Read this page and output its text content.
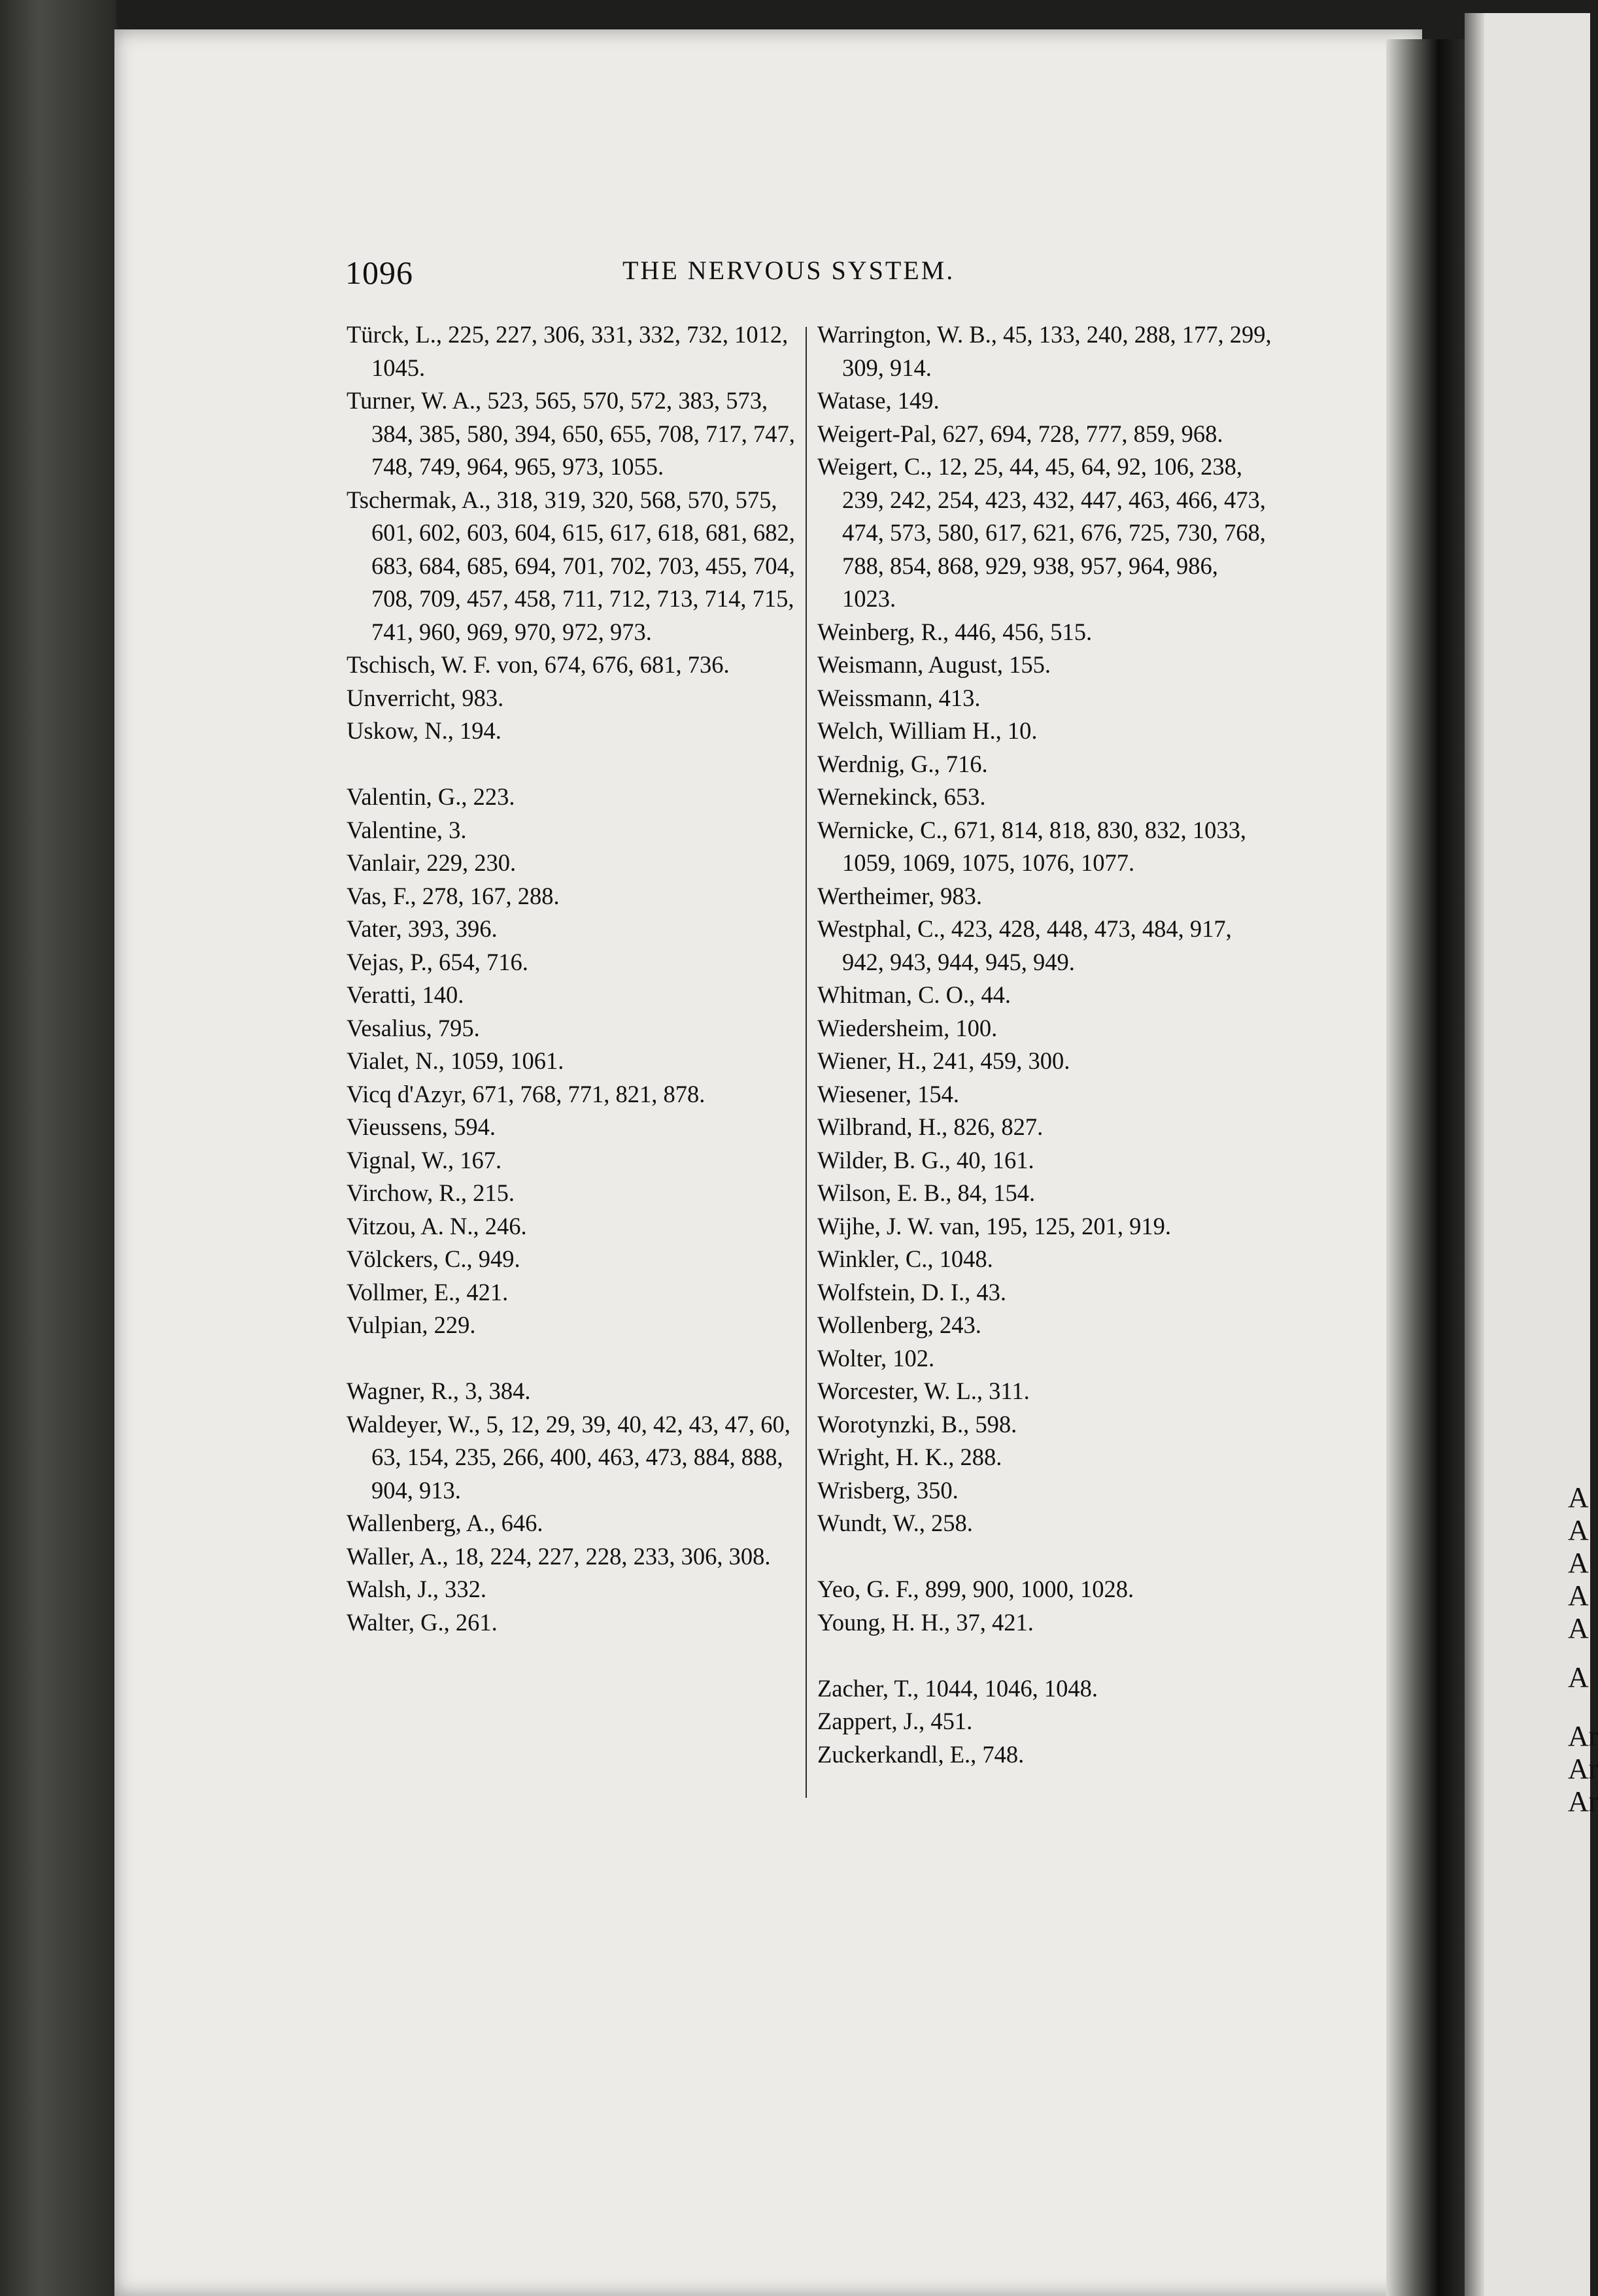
1096	THE NERVOUS SYSTEM.

Türck, L., 225, 227, 306, 331, 332, 732, 1012, 1045.

Turner, W. A., 523, 565, 570, 572, 383, 573, 384, 385, 580, 394, 650, 655, 708, 717, 747, 748, 749, 964, 965, 973, 1055.

Tschermak, A., 318, 319, 320, 568, 570, 575, 601, 602, 603, 604, 615, 617, 618, 681, 682, 683, 684, 685, 694, 701, 702, 703, 455, 704, 708, 709, 457, 458, 711, 712, 713, 714, 715, 741, 960, 969, 970, 972, 973.

Tschisch, W. F. von, 674, 676, 681, 736.

Unverricht, 983.

Uskow, N., 194.

Valentin, G., 223.

Valentine, 3.

Vanlair, 229, 230.

Vas, F., 278, 167, 288.

Vater, 393, 396.

Vejas, P., 654, 716.

Veratti, 140.

Vesalius, 795.

Vialet, N., 1059, 1061.

Vicq d'Azyr, 671, 768, 771, 821, 878.

Vieussens, 594.

Vignal, W., 167.

Virchow, R., 215.

Vitzou, A. N., 246.

Völckers, C., 949.

Vollmer, E., 421.

Vulpian, 229.

Wagner, R., 3, 384.

Waldeyer, W., 5, 12, 29, 39, 40, 42, 43, 47, 60, 63, 154, 235, 266, 400, 463, 473, 884, 888, 904, 913.

Wallenberg, A., 646.

Waller, A., 18, 224, 227, 228, 233, 306, 308.

Walsh, J., 332.

Walter, G., 261.

Warrington, W. B., 45, 133, 240, 288, 177, 299, 309, 914.

Watase, 149.

Weigert-Pal, 627, 694, 728, 777, 859, 968.

Weigert, C., 12, 25, 44, 45, 64, 92, 106, 238, 239, 242, 254, 423, 432, 447, 463, 466, 473, 474, 573, 580, 617, 621, 676, 725, 730, 768, 788, 854, 868, 929, 938, 957, 964, 986, 1023.

Weinberg, R., 446, 456, 515.

Weismann, August, 155.

Weissmann, 413.

Welch, William H., 10.

Werdnig, G., 716.

Wernekinck, 653.

Wernicke, C., 671, 814, 818, 830, 832, 1033, 1059, 1069, 1075, 1076, 1077.

Wertheimer, 983.

Westphal, C., 423, 428, 448, 473, 484, 917, 942, 943, 944, 945, 949.

Whitman, C. O., 44.

Wiedersheim, 100.

Wiener, H., 241, 459, 300.

Wiesener, 154.

Wilbrand, H., 826, 827.

Wilder, B. G., 40, 161.

Wilson, E. B., 84, 154.

Wijhe, J. W. van, 195, 125, 201, 919.

Winkler, C., 1048.

Wolfstein, D. I., 43.

Wollenberg, 243.

Wolter, 102.

Worcester, W. L., 311.

Worotynzki, B., 598.

Wright, H. K., 288.

Wrisberg, 350.

Wundt, W., 258.

Yeo, G. F., 899, 900, 1000, 1028.

Young, H. H., 37, 421.

Zacher, T., 1044, 1046, 1048.

Zappert, J., 451.

Zuckerkandl, E., 748.

A
A
A
A
A
A
Ar
Ar
Ar
